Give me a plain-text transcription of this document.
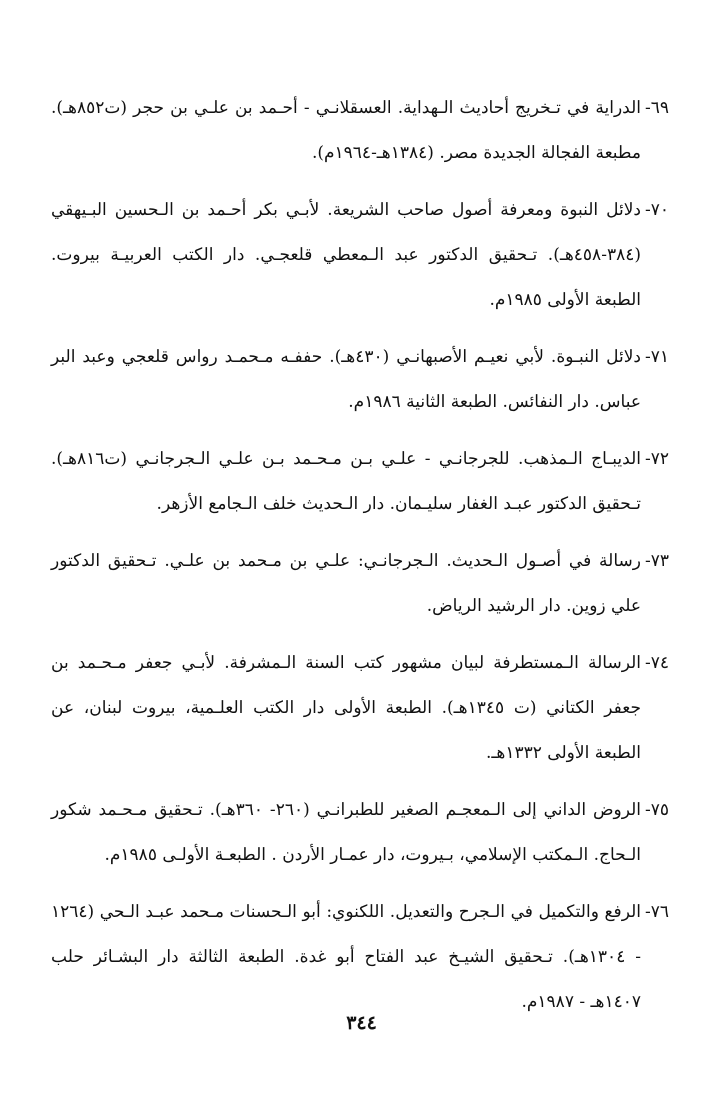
٦٩-
الدراية في تـخريج أحاديث الـهداية. العسقلانـي - أحـمد بن علـي بن حجر (ت٨٥٢هـ). مطبعة الفجالة الجديدة مصر. (١٣٨٤هـ-١٩٦٤م).
٧٠-
دلائل النبوة ومعرفة أصول صاحب الشريعة. لأبـي بكر أحـمد بن الـحسين البـيهقي (٣٨٤-٤٥٨هـ). تـحقيق الدكتور عبد الـمعطي قلعجـي. دار الكتب العربيـة بيروت. الطبعة الأولى ١٩٨٥م.
٧١-
دلائل النبـوة. لأبي نعيـم الأصبهانـي (٤٣٠هـ). حففـه مـحمـد رواس قلعجي وعبد البر عباس. دار النفائس. الطبعة الثانية ١٩٨٦م.
٧٢-
الديبـاج الـمذهب. للجرجانـي - علـي بـن مـحـمد بـن علـي الـجرجانـي (ت٨١٦هـ). تـحقيق الدكتور عبـد الغفار سليـمان. دار الـحديث خلف الـجامع الأزهر.
٧٣-
رسالة في أصـول الـحديث. الـجرجانـي: علـي بن مـحمد بن علـي. تـحقيق الدكتور علي زوين. دار الرشيد الرياض.
٧٤-
الرسالة الـمستطرفة لبيان مشهور كتب السنة الـمشرفة. لأبـي جعفر مـحـمد بن جعفر الكتاني (ت ١٣٤٥هـ). الطبعة الأولى دار الكتب العلـمية، بيروت لبنان، عن الطبعة الأولى ١٣٣٢هـ.
٧٥-
الروض الداني إلى الـمعجـم الصغير للطبرانـي (٢٦٠- ٣٦٠هـ). تـحقيق مـحـمد شكور الـحاج. الـمكتب الإسلامي، بـيروت، دار عمـار الأردن . الطبعـة الأولـى ١٩٨٥م.
٧٦-
الرفع والتكميل في الـجرح والتعديل. اللكنوي: أبو الـحسنات مـحمد عبـد الـحي (١٢٦٤ - ١٣٠٤هـ). تـحقيق الشيـخ عبد الفتاح أبو غدة. الطبعة الثالثة دار البشـائر حلب ١٤٠٧هـ - ١٩٨٧م.
٣٤٤
